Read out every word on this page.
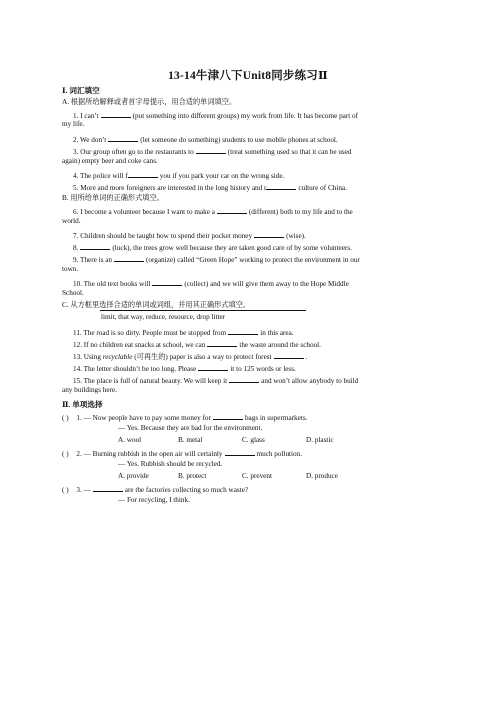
13-14牛津八下Unit8同步练习Ⅱ
Ⅰ. 词汇填空
A. 根据所给解释或者首字母提示，用合适的单词填空。
1. I can’t	(put something into different groups) my work from life. It has become part of
my life.
2. We don’t	(let someone do something) students to use mobile phones at school.
3. Our group often go to the restaurants to	(treat something used so that it can be used
again) empty beer and coke cans.
4. The police will f	you if you park your car on the wrong side.
5. More and more foreigners are interested in the long history and r	culture of China.
B. 用所给单词的正确形式填空。
6. I become a volunteer because I want to make a	(different) both to my life and to the
world.
7. Children should be taught how to spend their pocket money	(wise).
8.	(luck), the trees grow well because they are taken good care of by some volunteers.
9. There is an	(organize) called “Green Hope” working to protect the environment in our
town.
10. The old text books will	(collect) and we will give them away to the Hope Middle
School.
C. 从方框里选择合适的单词或词组，并用其正确形式填空。
limit, that way, reduce, resource, drop litter
11. The road is so dirty. People must be stopped from	in this area.
12. If no children eat snacks at school, we can	the waste around the school.
13. Using recyclable (可再生的) paper is also a way to protect forest	.
14. The letter shouldn’t be too long. Please	it to 125 words or less.
15. The place is full of natural beauty. We will keep it	and won’t allow anybody to build
any buildings here.
Ⅱ. 单项选择
( ) 1. — Now people have to pay some money for	bags in supermarkets.
— Yes. Because they are bad for the environment.
A. wool	B. metal	C. glass	D. plastic
( ) 2. — Burning rubbish in the open air will certainly	much pollution.
— Yes. Rubbish should be recycled.
A. provide	B. protect	C. prevent	D. produce
( ) 3. —	are the factories collecting so much waste?
— For recycling, I think.
